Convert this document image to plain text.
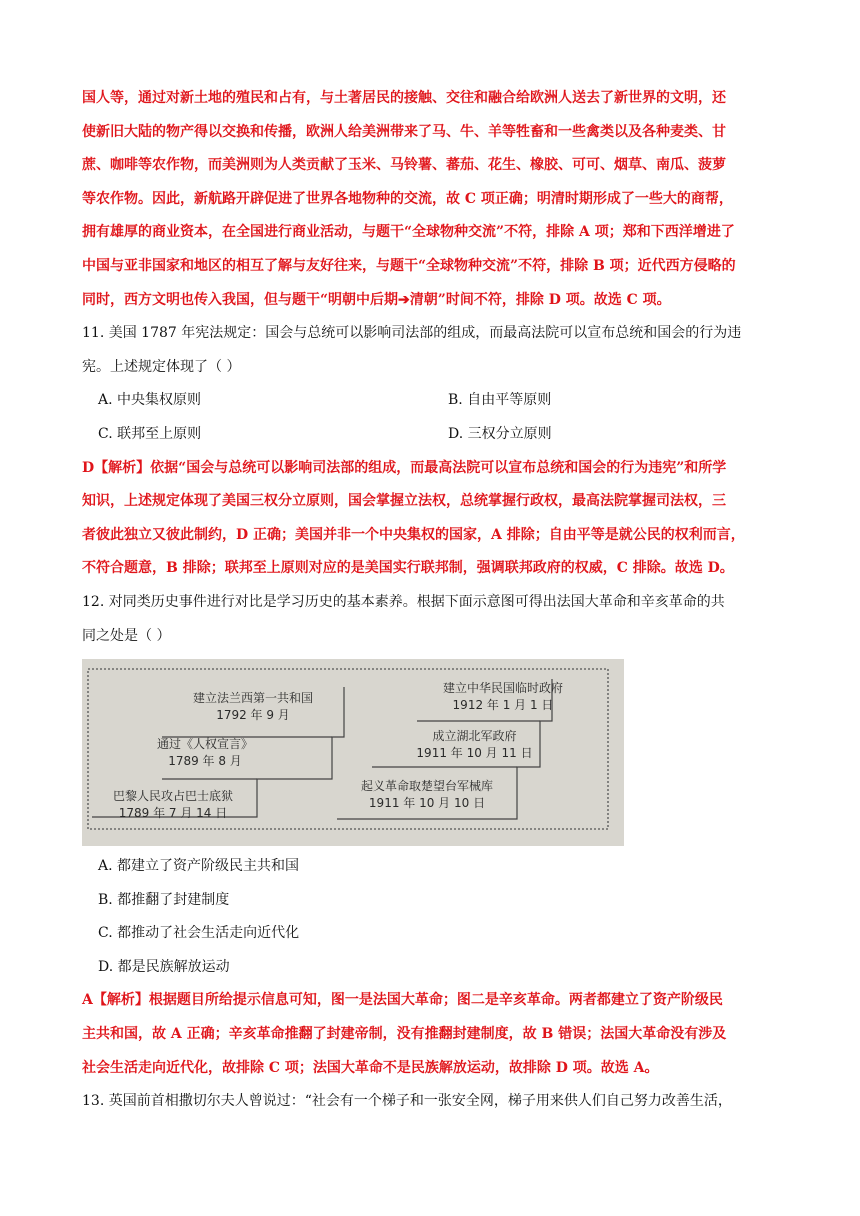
国人等，通过对新土地的殖民和占有，与土著居民的接触、交往和融合给欧洲人送去了新世界的文明，还

使新旧大陆的物产得以交换和传播，欧洲人给美洲带来了马、牛、羊等牲畜和一些禽类以及各种麦类、甘

蔗、咖啡等农作物，而美洲则为人类贡献了玉米、马铃薯、蕃茄、花生、橡胶、可可、烟草、南瓜、菠萝

等农作物。因此，新航路开辟促进了世界各地物种的交流，故 C 项正确；明清时期形成了一些大的商帮，

拥有雄厚的商业资本，在全国进行商业活动，与题干“全球物种交流”不符，排除 A 项；郑和下西洋增进了

中国与亚非国家和地区的相互了解与友好往来，与题干“全球物种交流”不符，排除 B 项；近代西方侵略的

同时，西方文明也传入我国，但与题干“明朝中后期➔清朝”时间不符，排除 D 项。故选 C 项。

11. 美国 1787 年宪法规定：国会与总统可以影响司法部的组成，而最高法院可以宣布总统和国会的行为违

宪。上述规定体现了（ ）

A. 中央集权原则	B. 自由平等原则

C. 联邦至上原则	D. 三权分立原则

D【解析】依据“国会与总统可以影响司法部的组成，而最高法院可以宣布总统和国会的行为违宪”和所学

知识，上述规定体现了美国三权分立原则，国会掌握立法权，总统掌握行政权，最高法院掌握司法权，三

者彼此独立又彼此制约，D 正确；美国并非一个中央集权的国家，A 排除；自由平等是就公民的权利而言，

不符合题意，B 排除；联邦至上原则对应的是美国实行联邦制，强调联邦政府的权威，C 排除。故选 D。

12. 对同类历史事件进行对比是学习历史的基本素养。根据下面示意图可得出法国大革命和辛亥革命的共

同之处是（ ）

建立法兰西第一共和国
1792 年 9 月
通过《人权宣言》
1789 年 8 月
巴黎人民攻占巴士底狱
1789 年 7 月 14 日
建立中华民国临时政府
1912 年 1 月 1 日
成立湖北军政府
1911 年 10 月 11 日
起义革命取楚望台军械库
1911 年 10 月 10 日

A. 都建立了资产阶级民主共和国

B. 都推翻了封建制度

C. 都推动了社会生活走向近代化

D. 都是民族解放运动

A【解析】根据题目所给提示信息可知，图一是法国大革命；图二是辛亥革命。两者都建立了资产阶级民

主共和国，故 A 正确；辛亥革命推翻了封建帝制，没有推翻封建制度，故 B 错误；法国大革命没有涉及

社会生活走向近代化，故排除 C 项；法国大革命不是民族解放运动，故排除 D 项。故选 A。

13. 英国前首相撒切尔夫人曾说过：“社会有一个梯子和一张安全网，梯子用来供人们自己努力改善生活，
